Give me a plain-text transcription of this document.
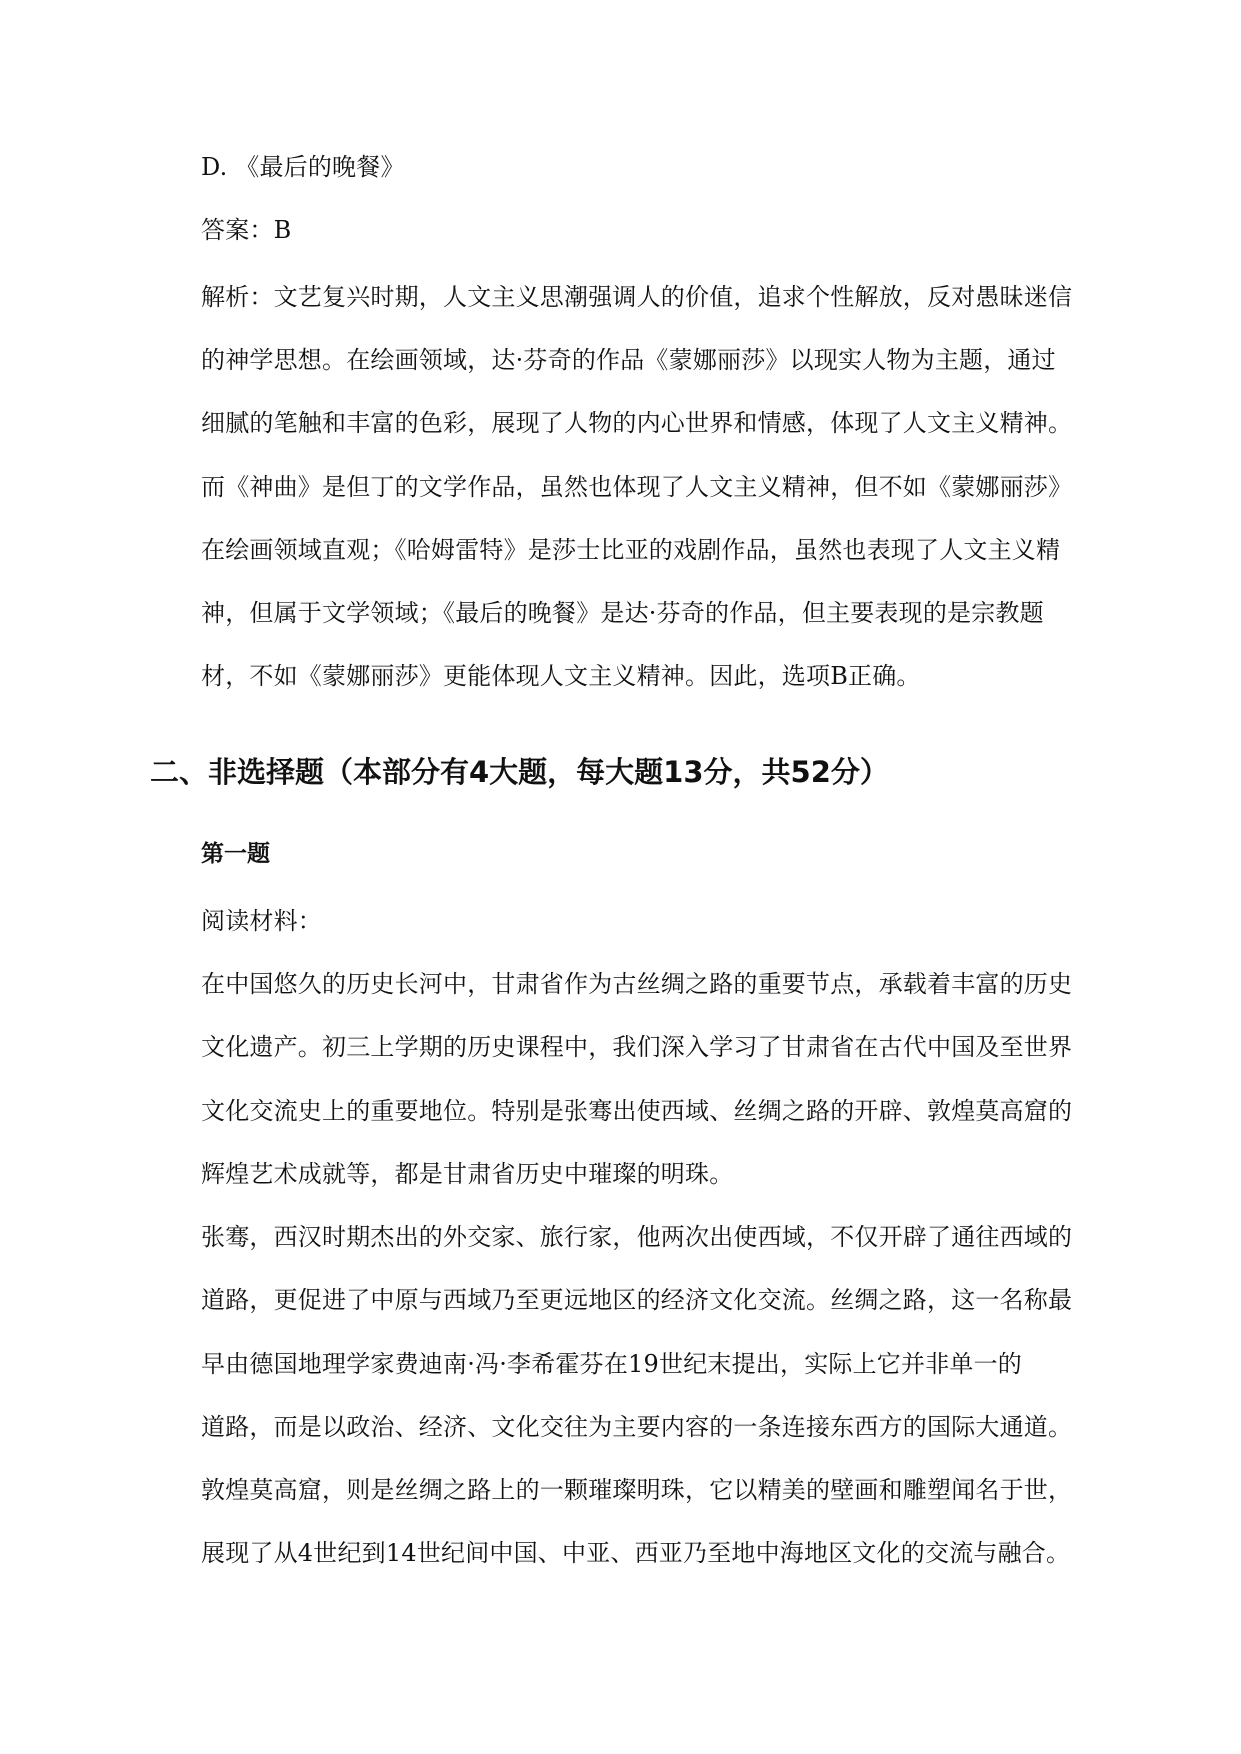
D. 《最后的晚餐》
答案：B
解析：文艺复兴时期，人文主义思潮强调人的价值，追求个性解放，反对愚昧迷信
的神学思想。在绘画领域，达·芬奇的作品《蒙娜丽莎》以现实人物为主题，通过
细腻的笔触和丰富的色彩，展现了人物的内心世界和情感，体现了人文主义精神。
而《神曲》是但丁的文学作品，虽然也体现了人文主义精神，但不如《蒙娜丽莎》
在绘画领域直观；《哈姆雷特》是莎士比亚的戏剧作品，虽然也表现了人文主义精
神，但属于文学领域；《最后的晚餐》是达·芬奇的作品，但主要表现的是宗教题
材，不如《蒙娜丽莎》更能体现人文主义精神。因此，选项B正确。
二、非选择题（本部分有4大题，每大题13分，共52分）
第一题
阅读材料：
在中国悠久的历史长河中，甘肃省作为古丝绸之路的重要节点，承载着丰富的历史
文化遗产。初三上学期的历史课程中，我们深入学习了甘肃省在古代中国及至世界
文化交流史上的重要地位。特别是张骞出使西域、丝绸之路的开辟、敦煌莫高窟的
辉煌艺术成就等，都是甘肃省历史中璀璨的明珠。
张骞，西汉时期杰出的外交家、旅行家，他两次出使西域，不仅开辟了通往西域的
道路，更促进了中原与西域乃至更远地区的经济文化交流。丝绸之路，这一名称最
早由德国地理学家费迪南·冯·李希霍芬在19世纪末提出，实际上它并非单一的
道路，而是以政治、经济、文化交往为主要内容的一条连接东西方的国际大通道。
敦煌莫高窟，则是丝绸之路上的一颗璀璨明珠，它以精美的壁画和雕塑闻名于世，
展现了从4世纪到14世纪间中国、中亚、西亚乃至地中海地区文化的交流与融合。
